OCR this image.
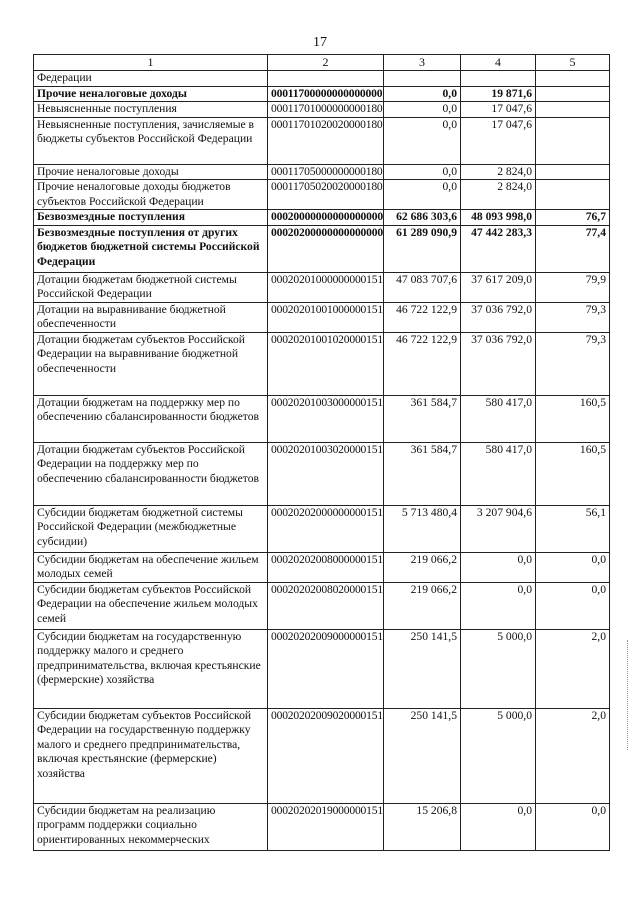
17
1	2	3	4	5
Федерации				
Прочие неналоговые доходы	00011700000000000000	0,0	19 871,6	
Невыясненные поступления	00011701000000000180	0,0	17 047,6	
Невыясненные поступления, зачисляемые в бюджеты субъектов Российской Федерации	00011701020020000180	0,0	17 047,6	
Прочие неналоговые доходы	00011705000000000180	0,0	2 824,0	
Прочие неналоговые доходы бюджетов субъектов Российской Федерации	00011705020020000180	0,0	2 824,0	
Безвозмездные поступления	00020000000000000000	62 686 303,6	48 093 998,0	76,7
Безвозмездные поступления от других бюджетов бюджетной системы Российской Федерации	00020200000000000000	61 289 090,9	47 442 283,3	77,4
Дотации бюджетам бюджетной системы Российской Федерации	00020201000000000151	47 083 707,6	37 617 209,0	79,9
Дотации на выравнивание бюджетной обеспеченности	00020201001000000151	46 722 122,9	37 036 792,0	79,3
Дотации бюджетам субъектов Российской Федерации на выравнивание бюджетной обеспеченности	00020201001020000151	46 722 122,9	37 036 792,0	79,3
Дотации бюджетам на поддержку мер по обеспечению сбалансированности бюджетов	00020201003000000151	361 584,7	580 417,0	160,5
Дотации бюджетам субъектов Российской Федерации на поддержку мер по обеспечению сбалансированности бюджетов	00020201003020000151	361 584,7	580 417,0	160,5
Субсидии бюджетам бюджетной системы Российской Федерации (межбюджетные субсидии)	00020202000000000151	5 713 480,4	3 207 904,6	56,1
Субсидии бюджетам на обеспечение жильем молодых семей	00020202008000000151	219 066,2	0,0	0,0
Субсидии бюджетам субъектов Российской Федерации на обеспечение жильем молодых семей	00020202008020000151	219 066,2	0,0	0,0
Субсидии бюджетам на государственную поддержку малого и среднего предпринимательства, включая крестьянские (фермерские) хозяйства	00020202009000000151	250 141,5	5 000,0	2,0
Субсидии бюджетам субъектов Российской Федерации на государственную поддержку малого и среднего предпринимательства, включая крестьянские (фермерские) хозяйства	00020202009020000151	250 141,5	5 000,0	2,0
Субсидии бюджетам на реализацию программ поддержки социально ориентированных некоммерческих	00020202019000000151	15 206,8	0,0	0,0
